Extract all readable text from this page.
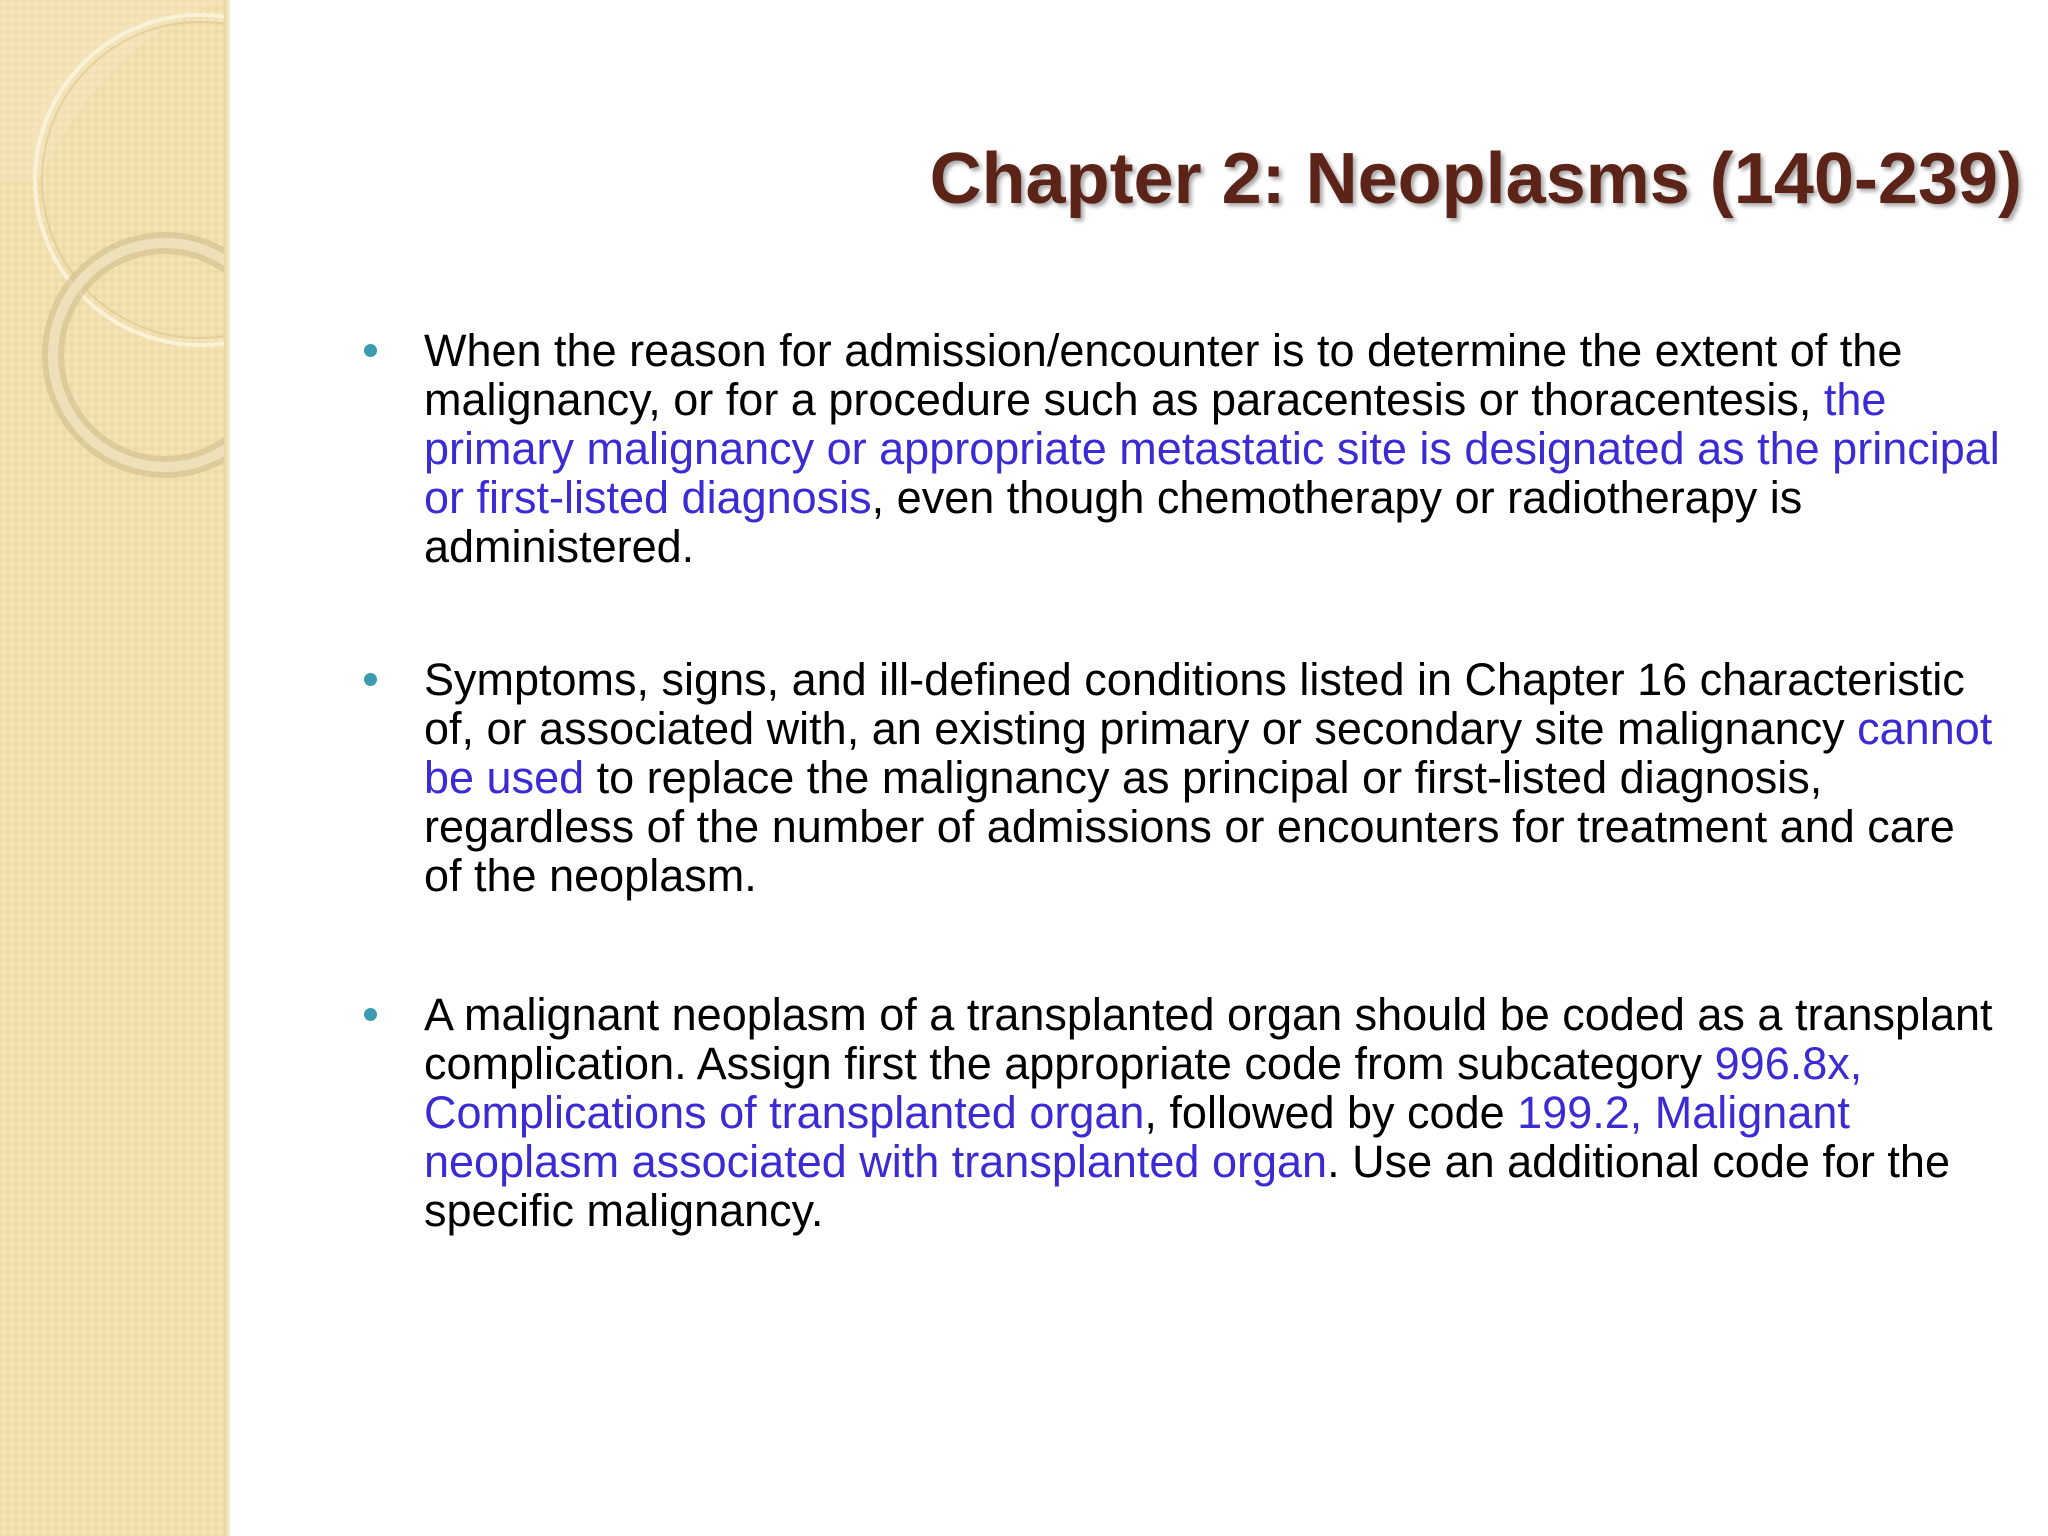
Chapter 2: Neoplasms (140-239)
When the reason for admission/encounter is to determine the extent of the malignancy, or for a procedure such as paracentesis or thoracentesis, the primary malignancy or appropriate metastatic site is designated as the principal or first-listed diagnosis, even though chemotherapy or radiotherapy is administered.
Symptoms, signs, and ill-defined conditions listed in Chapter 16 characteristic of, or associated with, an existing primary or secondary site malignancy cannot be used to replace the malignancy as principal or first-listed diagnosis, regardless of the number of admissions or encounters for treatment and care of the neoplasm.
A malignant neoplasm of a transplanted organ should be coded as a transplant complication. Assign first the appropriate code from subcategory 996.8x, Complications of transplanted organ, followed by code 199.2, Malignant neoplasm associated with transplanted organ. Use an additional code for the specific malignancy.
